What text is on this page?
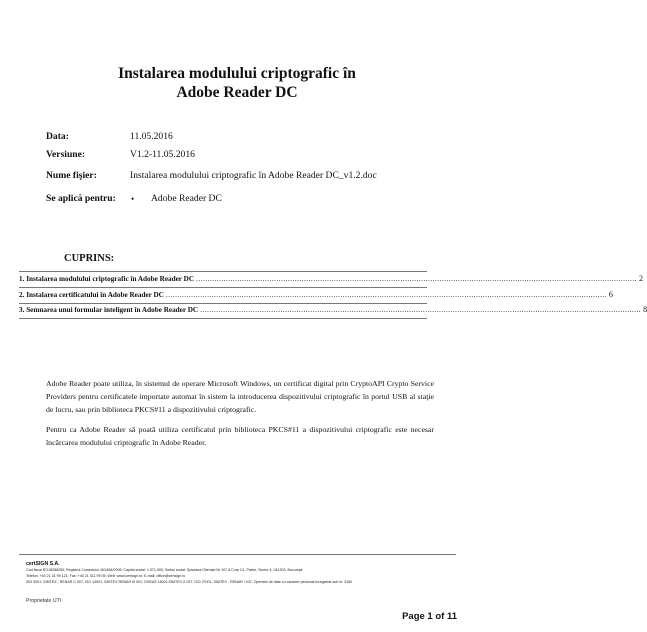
Instalarea modulului criptografic în
Adobe Reader DC
Data:	11.05.2016
Versiune:	V1.2-11.05.2016
Nume fişier:	Instalarea modulului criptografic în Adobe Reader DC_v1.2.doc
Se aplică pentru: • Adobe Reader DC
CUPRINS:
1. Instalarea modulului criptografic în Adobe Reader DC ................................................................................................................................................................................................ 2
2. Instalarea certificatului în Adobe Reader DC ................................................................................................................................................................................................ 6
3. Semnarea unui formular inteligent în Adobe Reader DC ................................................................................................................................................................................................ 8
Adobe Reader poate utiliza, în sistemul de operare Microsoft Windows, un certificat digital prin CryptoAPI Crypto Service Providers pentru certificatele importate automat în sistem la introducerea dispozitivului criptografic în portul USB al staţie de lucru, sau prin biblioteca PKCS#11 a dispozitivului criptografic.
Pentru ca Adobe Reader să poată utiliza certificatul prin biblioteca PKCS#11 a dispozitivului criptografic este necesar încărcarea modulului criptografic în Adobe Reader.
certSIGN S.A.
Cod fiscal RO18288250; Registrul Comertului J40/484/2006; Capital social: 1.971.000; Sediul social: Şoseaua Olteniţei Nr 107 A Corp C1, Parter, Sector 4, 041303, Bucureşti
Telefon: +40 21 31 99 121; Fax: +40 21 311 99 05; Web: www.certsign.ro; E-mail: office@certsign.ro
ISO 9001; SIMTEX - RENAR C 007; ISO 14001; SIMTEX RENAR M 001; OHSAS 18001:SIMTEX S 037; ISO 27001; SIMTEX - RENAR I 047; Operator de date cu caracter personal înregistrat sub nr. 3160
Proprietate UTI
Page 1 of 11
